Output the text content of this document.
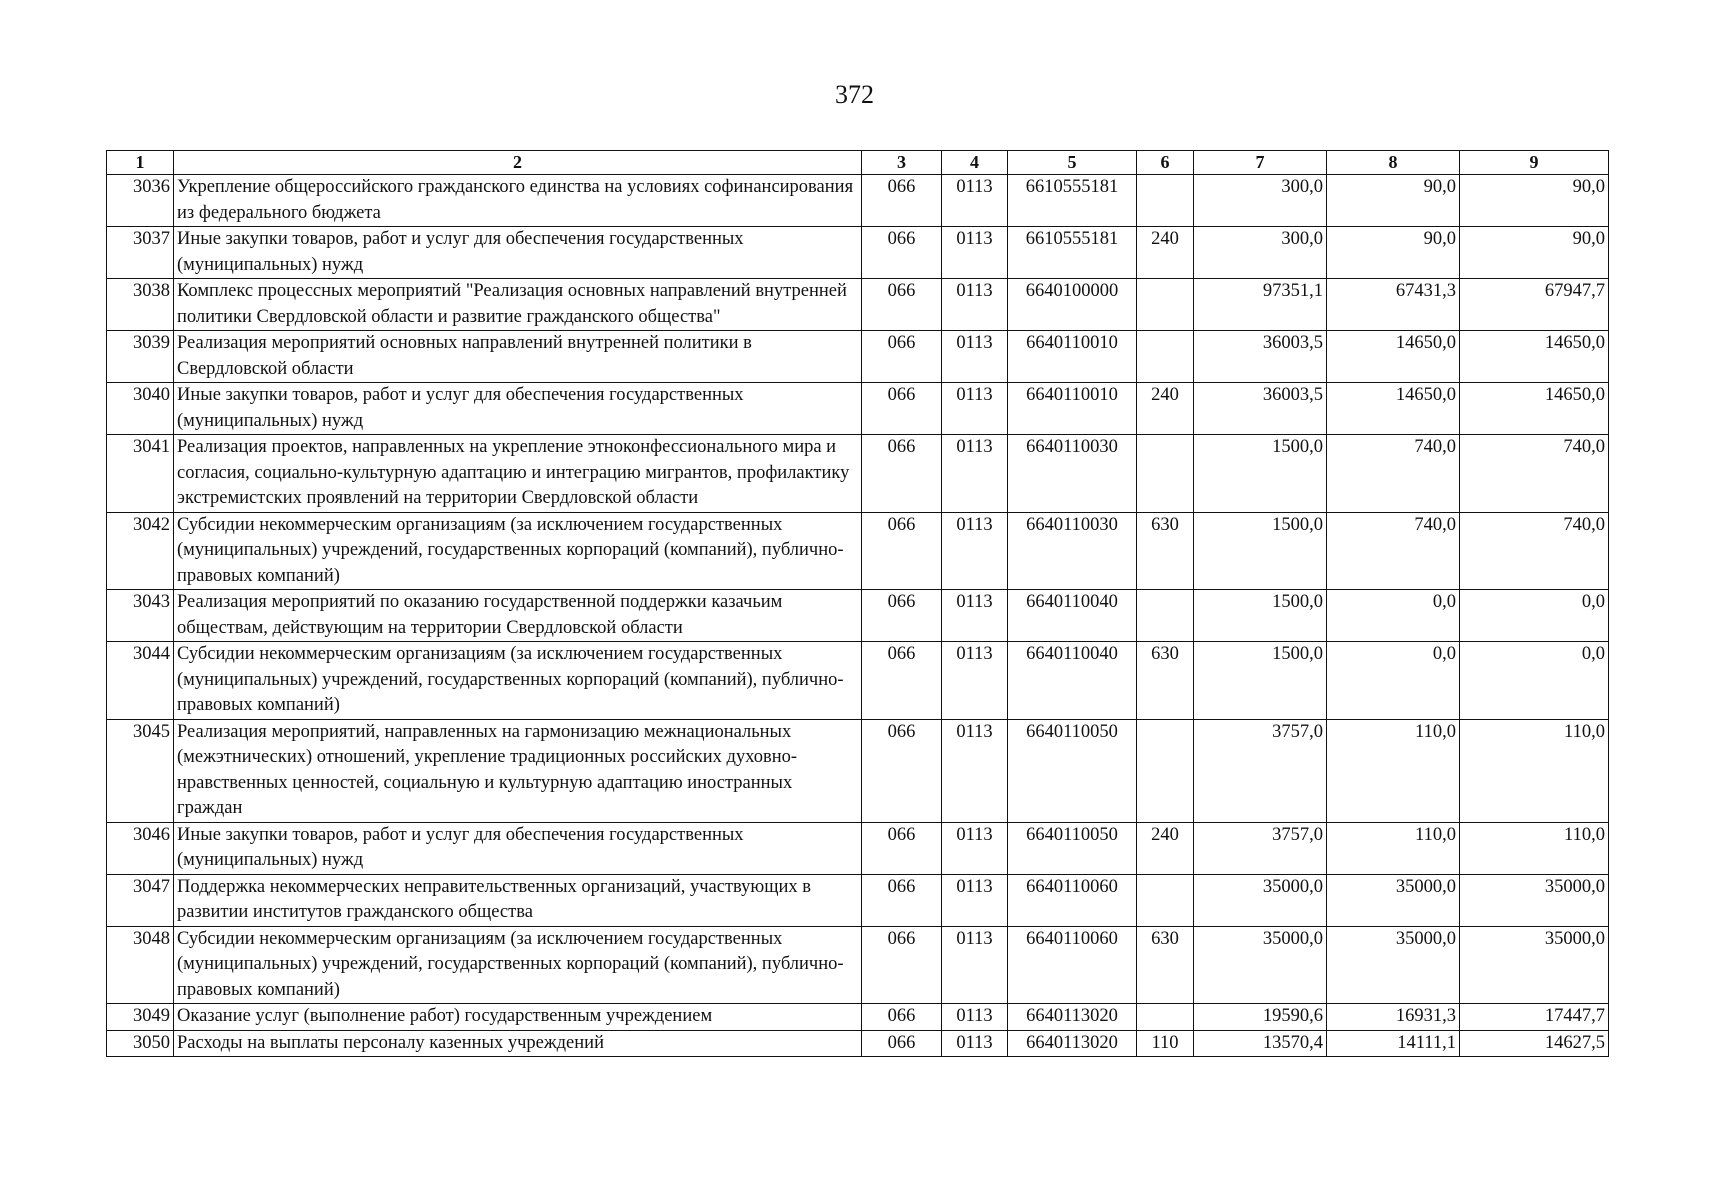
372
1	2	3	4	5	6	7	8	9
3036	Укрепление общероссийского гражданского единства на условиях софинансирования из федерального бюджета	066	0113	6610555181		300,0	90,0	90,0
3037	Иные закупки товаров, работ и услуг для обеспечения государственных (муниципальных) нужд	066	0113	6610555181	240	300,0	90,0	90,0
3038	Комплекс процессных мероприятий "Реализация основных направлений внутренней политики Свердловской области и развитие гражданского общества"	066	0113	6640100000		97351,1	67431,3	67947,7
3039	Реализация мероприятий основных направлений внутренней политики в Свердловской области	066	0113	6640110010		36003,5	14650,0	14650,0
3040	Иные закупки товаров, работ и услуг для обеспечения государственных (муниципальных) нужд	066	0113	6640110010	240	36003,5	14650,0	14650,0
3041	Реализация проектов, направленных на укрепление этноконфессионального мира и согласия, социально-культурную адаптацию и интеграцию мигрантов, профилактику экстремистских проявлений на территории Свердловской области	066	0113	6640110030		1500,0	740,0	740,0
3042	Субсидии некоммерческим организациям (за исключением государственных (муниципальных) учреждений, государственных корпораций (компаний), публично-правовых компаний)	066	0113	6640110030	630	1500,0	740,0	740,0
3043	Реализация мероприятий по оказанию государственной поддержки казачьим обществам, действующим на территории Свердловской области	066	0113	6640110040		1500,0	0,0	0,0
3044	Субсидии некоммерческим организациям (за исключением государственных (муниципальных) учреждений, государственных корпораций (компаний), публично-правовых компаний)	066	0113	6640110040	630	1500,0	0,0	0,0
3045	Реализация мероприятий, направленных на гармонизацию межнациональных (межэтнических) отношений, укрепление традиционных российских духовно-нравственных ценностей, социальную и культурную адаптацию иностранных граждан	066	0113	6640110050		3757,0	110,0	110,0
3046	Иные закупки товаров, работ и услуг для обеспечения государственных (муниципальных) нужд	066	0113	6640110050	240	3757,0	110,0	110,0
3047	Поддержка некоммерческих неправительственных организаций, участвующих в развитии институтов гражданского общества	066	0113	6640110060		35000,0	35000,0	35000,0
3048	Субсидии некоммерческим организациям (за исключением государственных (муниципальных) учреждений, государственных корпораций (компаний), публично-правовых компаний)	066	0113	6640110060	630	35000,0	35000,0	35000,0
3049	Оказание услуг (выполнение работ) государственным учреждением	066	0113	6640113020		19590,6	16931,3	17447,7
3050	Расходы на выплаты персоналу казенных учреждений	066	0113	6640113020	110	13570,4	14111,1	14627,5
